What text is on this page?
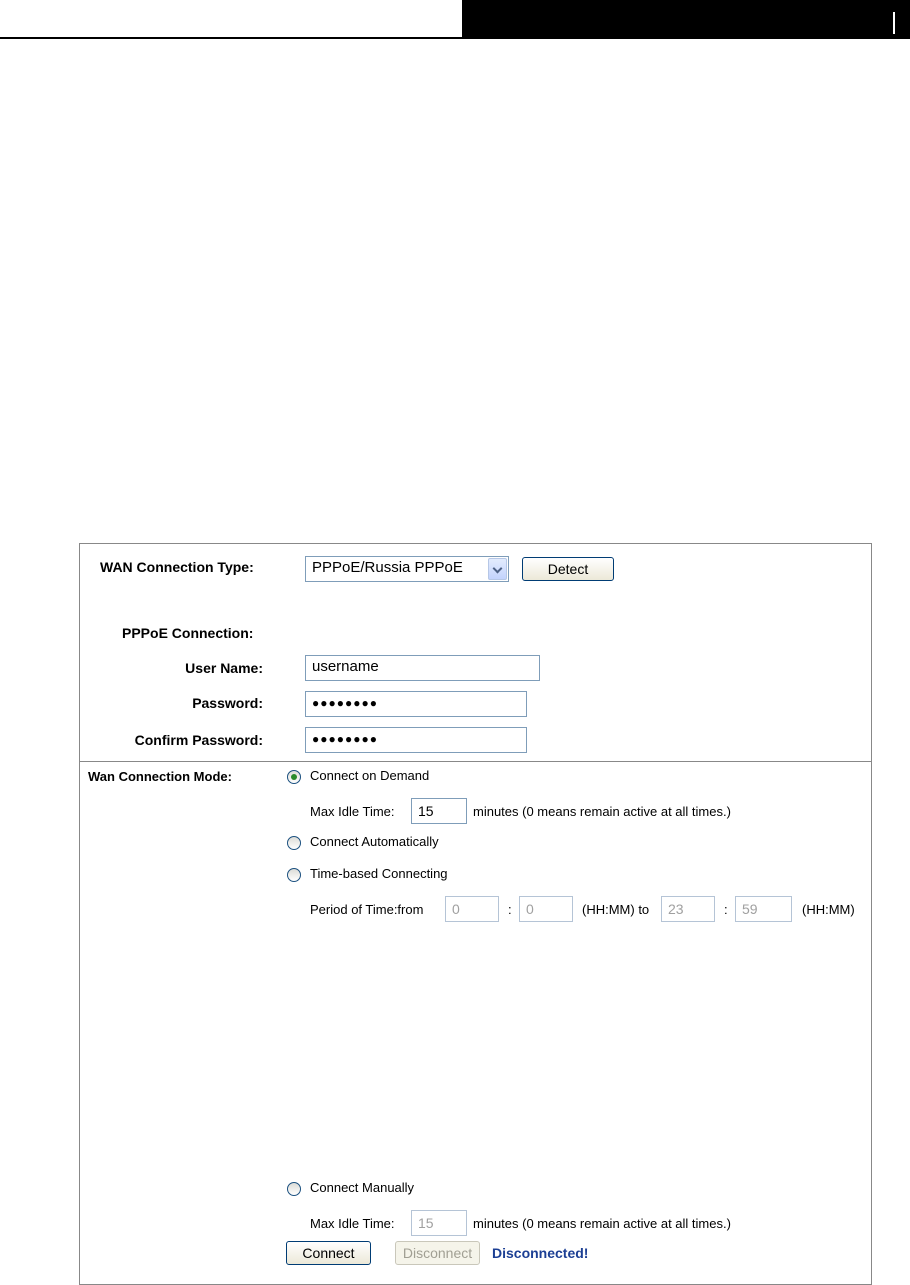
WAN Connection Type:	PPPoE/Russia PPPoE	Detect
PPPoE Connection:
User Name:	username
Password:	●●●●●●●●
Confirm Password:	●●●●●●●●
Wan Connection Mode:	Connect on Demand
Max Idle Time:	15	minutes (0 means remain active at all times.)
Connect Automatically
Time-based Connecting
Period of Time:from	0	:	0	(HH:MM) to	23	:	59	(HH:MM)
Connect Manually
Max Idle Time:	15	minutes (0 means remain active at all times.)
Connect	Disconnect	Disconnected!
